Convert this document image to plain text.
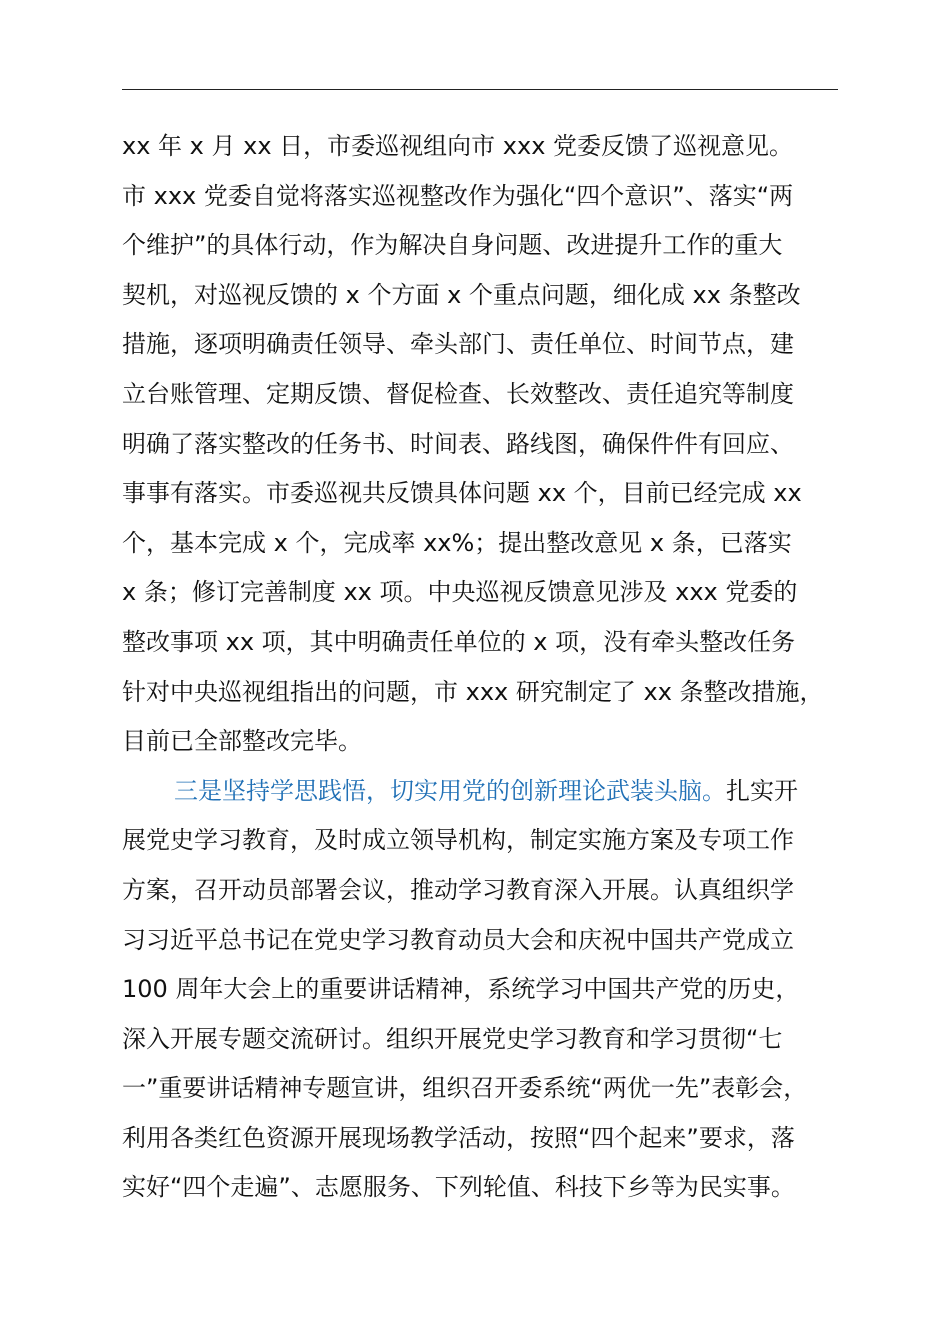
xx 年 x 月 xx 日，市委巡视组向市 xxx 党委反馈了巡视意见。
市 xxx 党委自觉将落实巡视整改作为强化“四个意识”、落实“两
个维护”的具体行动，作为解决自身问题、改进提升工作的重大
契机，对巡视反馈的 x 个方面 x 个重点问题，细化成 xx 条整改
措施，逐项明确责任领导、牵头部门、责任单位、时间节点，建
立台账管理、定期反馈、督促检查、长效整改、责任追究等制度
明确了落实整改的任务书、时间表、路线图，确保件件有回应、
事事有落实。市委巡视共反馈具体问题 xx 个，目前已经完成 xx
个，基本完成 x 个，完成率 xx%；提出整改意见 x 条，已落实
x 条；修订完善制度 xx 项。中央巡视反馈意见涉及 xxx 党委的
整改事项 xx 项，其中明确责任单位的 x 项，没有牵头整改任务
针对中央巡视组指出的问题，市 xxx 研究制定了 xx 条整改措施，
目前已全部整改完毕。
三是坚持学思践悟，切实用党的创新理论武装头脑。扎实开
展党史学习教育，及时成立领导机构，制定实施方案及专项工作
方案，召开动员部署会议，推动学习教育深入开展。认真组织学
习习近平总书记在党史学习教育动员大会和庆祝中国共产党成立
100 周年大会上的重要讲话精神，系统学习中国共产党的历史，
深入开展专题交流研讨。组织开展党史学习教育和学习贯彻“七
一”重要讲话精神专题宣讲，组织召开委系统“两优一先”表彰会，
利用各类红色资源开展现场教学活动，按照“四个起来”要求，落
实好“四个走遍”、志愿服务、下列轮值、科技下乡等为民实事。
